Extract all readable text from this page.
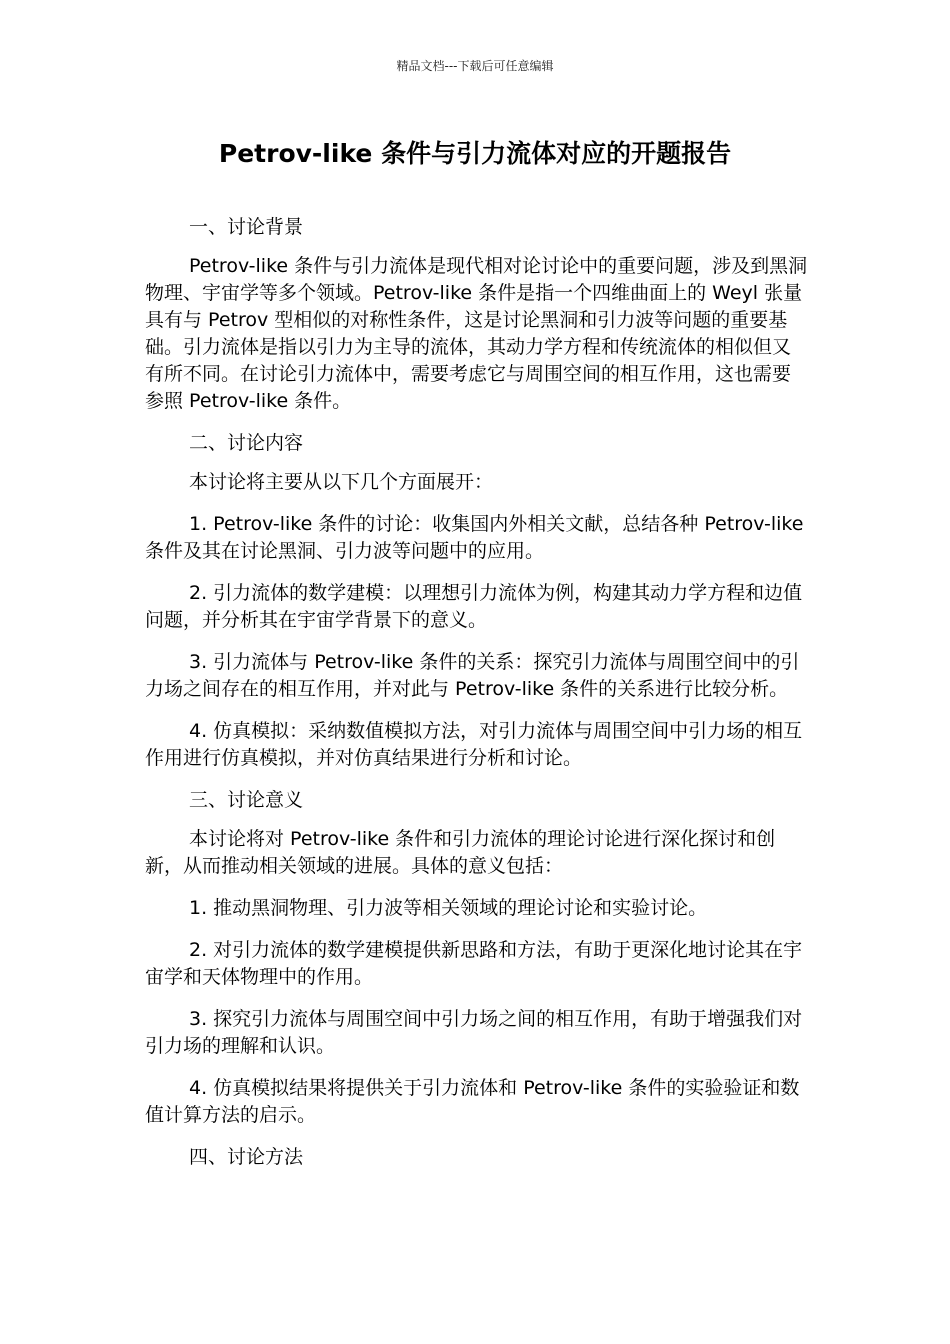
精品文档---下载后可任意编辑
Petrov-like 条件与引力流体对应的开题报告

一、讨论背景

Petrov-like 条件与引力流体是现代相对论讨论中的重要问题，涉及到黑洞物理、宇宙学等多个领域。Petrov-like 条件是指一个四维曲面上的 Weyl 张量具有与 Petrov 型相似的对称性条件，这是讨论黑洞和引力波等问题的重要基础。引力流体是指以引力为主导的流体，其动力学方程和传统流体的相似但又有所不同。在讨论引力流体中，需要考虑它与周围空间的相互作用，这也需要参照 Petrov-like 条件。

二、讨论内容

本讨论将主要从以下几个方面展开：

1. Petrov-like 条件的讨论：收集国内外相关文献，总结各种 Petrov-like 条件及其在讨论黑洞、引力波等问题中的应用。

2. 引力流体的数学建模：以理想引力流体为例，构建其动力学方程和边值问题，并分析其在宇宙学背景下的意义。

3. 引力流体与 Petrov-like 条件的关系：探究引力流体与周围空间中的引力场之间存在的相互作用，并对此与 Petrov-like 条件的关系进行比较分析。

4. 仿真模拟：采纳数值模拟方法，对引力流体与周围空间中引力场的相互作用进行仿真模拟，并对仿真结果进行分析和讨论。

三、讨论意义

本讨论将对 Petrov-like 条件和引力流体的理论讨论进行深化探讨和创新，从而推动相关领域的进展。具体的意义包括：

1. 推动黑洞物理、引力波等相关领域的理论讨论和实验讨论。

2. 对引力流体的数学建模提供新思路和方法，有助于更深化地讨论其在宇宙学和天体物理中的作用。

3. 探究引力流体与周围空间中引力场之间的相互作用，有助于增强我们对引力场的理解和认识。

4. 仿真模拟结果将提供关于引力流体和 Petrov-like 条件的实验验证和数值计算方法的启示。

四、讨论方法
